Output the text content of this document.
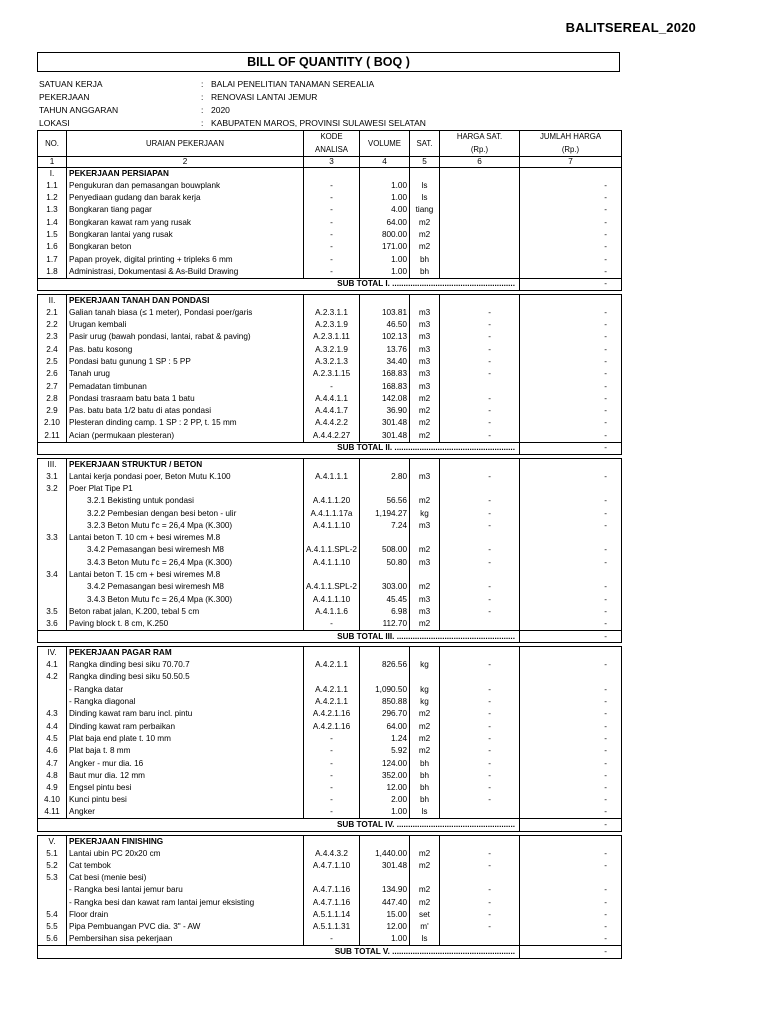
BALITSEREAL_2020
BILL OF QUANTITY ( BOQ )
SATUAN KERJA	: BALAI PENELITIAN TANAMAN SEREALIA
PEKERJAAN	: RENOVASI LANTAI JEMUR
TAHUN ANGGARAN	: 2020
LOKASI	: KABUPATEN MAROS, PROVINSI SULAWESI SELATAN
NO.	URAIAN PEKERJAAN	KODE	VOLUME	SAT.	HARGA SAT.	JUMLAH HARGA
		ANALISA			(Rp.)	(Rp.)
1	2	3	4	5	6	7
I.	PEKERJAAN PERSIAPAN					
1.1	Pengukuran dan pemasangan bouwplank	-	1.00	ls		-
1.2	Penyediaan gudang dan barak kerja	-	1.00	ls		-
1.3	Bongkaran tiang pagar	-	4.00	tiang		-
1.4	Bongkaran kawat ram yang rusak	-	64.00	m2		-
1.5	Bongkaran lantai yang rusak	-	800.00	m2		-
1.6	Bongkaran beton	-	171.00	m2		-
1.7	Papan proyek, digital printing + tripleks 6 mm	-	1.00	bh		-
1.8	Administrasi, Dokumentasi & As-Build Drawing	-	1.00	bh		-
		SUB TOTAL I. ......................................................				-

II.	PEKERJAAN TANAH DAN PONDASI					
2.1	Galian tanah biasa (≤ 1 meter), Pondasi poer/garis	A.2.3.1.1	103.81	m3	-	-
2.2	Urugan kembali	A.2.3.1.9	46.50	m3	-	-
2.3	Pasir urug (bawah pondasi, lantai, rabat & paving)	A.2.3.1.11	102.13	m3	-	-
2.4	Pas. batu kosong	A.3.2.1.9	13.76	m3	-	-
2.5	Pondasi batu gunung 1 SP : 5 PP	A.3.2.1.3	34.40	m3	-	-
2.6	Tanah urug	A.2.3.1.15	168.83	m3	-	-
2.7	Pemadatan timbunan	-	168.83	m3		-
2.8	Pondasi trasraam batu bata 1 batu	A.4.4.1.1	142.08	m2	-	-
2.9	Pas. batu bata 1/2 batu di atas pondasi	A.4.4.1.7	36.90	m2	-	-
2.10	Plesteran dinding camp. 1 SP : 2 PP, t. 15 mm	A.4.4.2.2	301.48	m2	-	-
2.11	Acian (permukaan plesteran)	A.4.4.2.27	301.48	m2	-	-
		SUB TOTAL II. .....................................................				-

III.	PEKERJAAN STRUKTUR / BETON					
3.1	Lantai kerja pondasi poer, Beton Mutu K.100	A.4.1.1.1	2.80	m3	-	-
3.2	Poer Plat Tipe P1					
	3.2.1 Bekisting untuk pondasi	A.4.1.1.20	56.56	m2	-	-
	3.2.2 Pembesian dengan besi beton - ulir	A.4.1.1.17a	1,194.27	kg	-	-
	3.2.3 Beton Mutu f'c = 26,4 Mpa (K.300)	A.4.1.1.10	7.24	m3	-	-
3.3	Lantai beton T. 10 cm + besi wiremes M.8					
	3.4.2 Pemasangan besi wiremesh M8	A.4.1.1.SPL-2	508.00	m2	-	-
	3.4.3 Beton Mutu f'c = 26,4 Mpa (K.300)	A.4.1.1.10	50.80	m3	-	-
3.4	Lantai beton T. 15 cm + besi wiremes M.8					
	3.4.2 Pemasangan besi wiremesh M8	A.4.1.1.SPL-2	303.00	m2	-	-
	3.4.3 Beton Mutu f'c = 26,4 Mpa (K.300)	A.4.1.1.10	45.45	m3	-	-
3.5	Beton rabat jalan, K.200, tebal 5 cm	A.4.1.1.6	6.98	m3	-	-
3.6	Paving block t. 8 cm, K.250	-	112.70	m2		-
		SUB TOTAL III. ....................................................				-

IV.	PEKERJAAN PAGAR RAM					
4.1	Rangka dinding besi siku 70.70.7	A.4.2.1.1	826.56	kg	-	-
4.2	Rangka dinding besi siku 50.50.5					
	- Rangka datar	A.4.2.1.1	1,090.50	kg	-	-
	- Rangka diagonal	A.4.2.1.1	850.88	kg	-	-
4.3	Dinding kawat ram baru incl. pintu	A.4.2.1.16	296.70	m2	-	-
4.4	Dinding kawat ram perbaikan	A.4.2.1.16	64.00	m2	-	-
4.5	Plat baja end plate t. 10 mm	-	1.24	m2	-	-
4.6	Plat baja t. 8 mm	-	5.92	m2	-	-
4.7	Angker - mur dia. 16	-	124.00	bh	-	-
4.8	Baut mur dia. 12 mm	-	352.00	bh	-	-
4.9	Engsel pintu besi	-	12.00	bh	-	-
4.10	Kunci pintu besi	-	2.00	bh	-	-
4.11	Angker	-	1.00	ls		-
		SUB TOTAL IV. ....................................................				-

V.	PEKERJAAN FINISHING					
5.1	Lantai ubin PC 20x20 cm	A.4.4.3.2	1,440.00	m2	-	-
5.2	Cat tembok	A.4.7.1.10	301.48	m2	-	-
5.3	Cat besi (menie besi)					
	- Rangka besi lantai jemur baru	A.4.7.1.16	134.90	m2	-	-
	- Rangka besi dan kawat ram lantai jemur eksisting	A.4.7.1.16	447.40	m2	-	-
5.4	Floor drain	A.5.1.1.14	15.00	set	-	-
5.5	Pipa Pembuangan PVC dia. 3" - AW	A.5.1.1.31	12.00	m'	-	-
5.6	Pembersihan sisa pekerjaan	-	1.00	ls		-
		SUB TOTAL V. ......................................................				-
